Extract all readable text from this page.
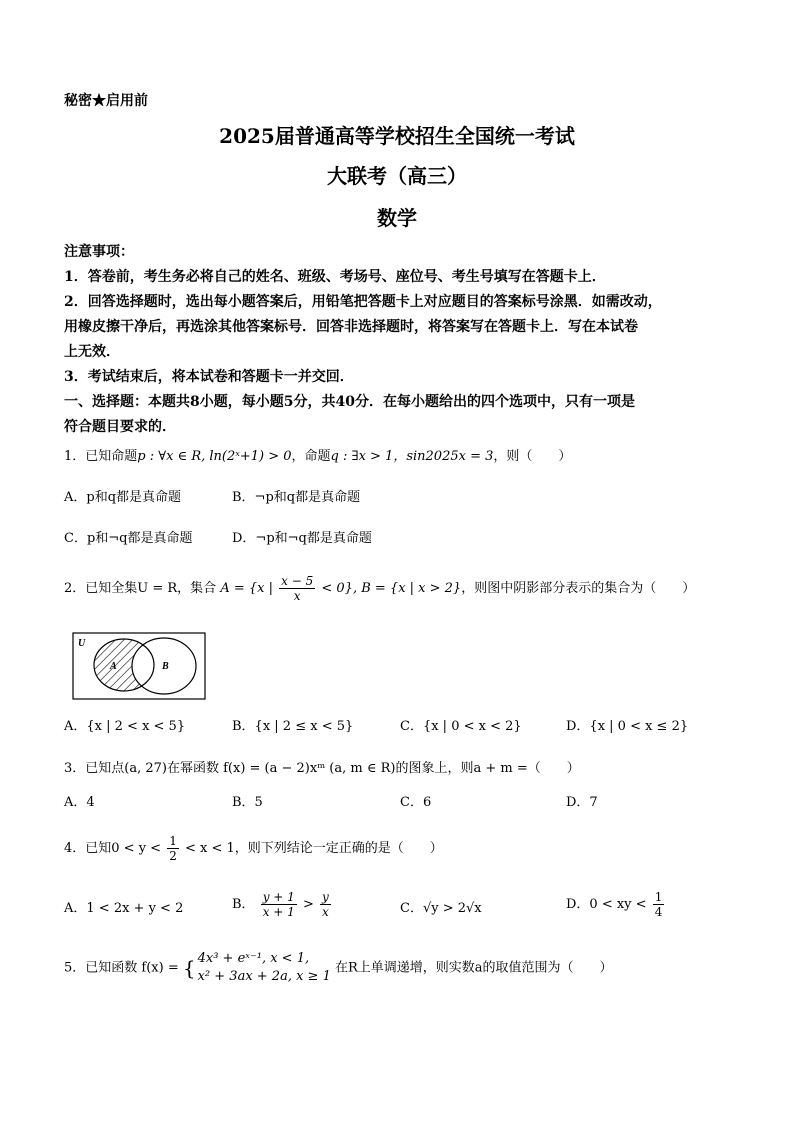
秘密★启用前
2025届普通高等学校招生全国统一考试
大联考（高三）
数学
注意事项：
1．答卷前，考生务必将自己的姓名、班级、考场号、座位号、考生号填写在答题卡上．
2．回答选择题时，选出每小题答案后，用铅笔把答题卡上对应题目的答案标号涂黑．如需改动，
用橡皮擦干净后，再选涂其他答案标号．回答非选择题时，将答案写在答题卡上．写在本试卷
上无效．
3．考试结束后，将本试卷和答题卡一并交回．
一、选择题：本题共8小题，每小题5分，共40分．在每小题给出的四个选项中，只有一项是
符合题目要求的．
1．已知命题p : ∀x ∈ R, ln(2ˣ+1) > 0，命题q : ∃x > 1，sin2025x = 3，则（　　）
A．p和q都是真命题	B．¬p和q都是真命题
C．p和¬q都是真命题	D．¬p和¬q都是真命题
2．已知全集U = R，集合 A = {x | $\frac{x - 5}{x} < 0$}, B = {x | x > 2}，则图中阴影部分表示的集合为（　　）
U
A	B
A．{x | 2 < x < 5}	B．{x | 2 ≤ x < 5}	C．{x | 0 < x < 2}	D．{x | 0 < x ≤ 2}
3．已知点(a, 27)在幂函数 f(x) = (a − 2)xᵐ (a, m ∈ R)的图象上，则a + m =（　　）
A．4	B．5	C．6	D．7
4．已知$0 < y < \frac{1}{2} < x < 1$，则下列结论一定正确的是（　　）
A．1 < 2x + y < 2	B． $\frac{y + 1}{x + 1} > \frac{y}{x}$	C．√y > 2√x	D．0 < xy < $\frac{1}{4}$
5．已知函数 f(x) = { 4x³ + eˣ⁻¹, x < 1,
x² + 3ax + 2a, x ≥ 1
在R上单调递增，则实数a的取值范围为（　　）
